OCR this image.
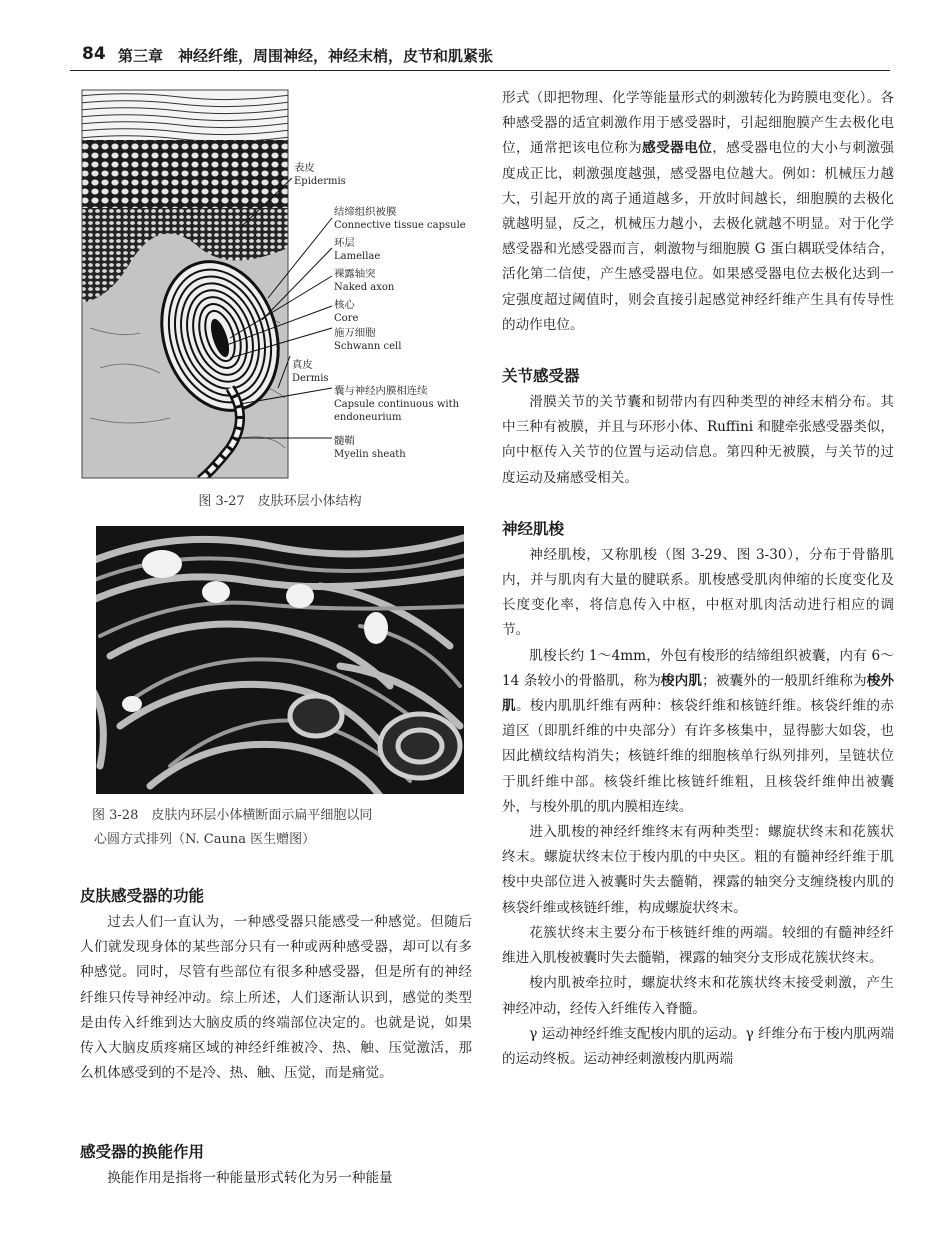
84 第三章　神经纤维，周围神经，神经末梢，皮节和肌紧张
表皮
Epidermis
结缔组织被膜
Connective tissue capsule
环层
Lamellae
裸露轴突
Naked axon
核心
Core
施万细胞
Schwann cell
真皮
Dermis
囊与神经内膜相连续
Capsule continuous with
endoneurium
髓鞘
Myelin sheath
图 3-27　皮肤环层小体结构
图 3-28　皮肤内环层小体横断面示扁平细胞以同
心圆方式排列（N. Cauna 医生赠图）
皮肤感受器的功能

过去人们一直认为，一种感受器只能感受一种感觉。但随后人们就发现身体的某些部分只有一种或两种感受器，却可以有多种感觉。同时，尽管有些部位有很多种感受器，但是所有的神经纤维只传导神经冲动。综上所述，人们逐渐认识到，感觉的类型是由传入纤维到达大脑皮质的终端部位决定的。也就是说，如果传入大脑皮质疼痛区域的神经纤维被冷、热、触、压觉激活，那么机体感受到的不是冷、热、触、压觉，而是痛觉。

感受器的换能作用

换能作用是指将一种能量形式转化为另一种能量

形式（即把物理、化学等能量形式的刺激转化为跨膜电变化）。各种感受器的适宜刺激作用于感受器时，引起细胞膜产生去极化电位，通常把该电位称为感受器电位，感受器电位的大小与刺激强度成正比，刺激强度越强，感受器电位越大。例如：机械压力越大，引起开放的离子通道越多，开放时间越长，细胞膜的去极化就越明显，反之，机械压力越小，去极化就越不明显。对于化学感受器和光感受器而言，刺激物与细胞膜 G 蛋白耦联受体结合，活化第二信使，产生感受器电位。如果感受器电位去极化达到一定强度超过阈值时，则会直接引起感觉神经纤维产生具有传导性的动作电位。

关节感受器

滑膜关节的关节囊和韧带内有四种类型的神经末梢分布。其中三种有被膜，并且与环形小体、Ruffini 和腱牵张感受器类似，向中枢传入关节的位置与运动信息。第四种无被膜，与关节的过度运动及痛感受相关。

神经肌梭

神经肌梭，又称肌梭（图 3-29、图 3-30），分布于骨骼肌内，并与肌肉有大量的腱联系。肌梭感受肌肉伸缩的长度变化及长度变化率，将信息传入中枢，中枢对肌肉活动进行相应的调节。

肌梭长约 1～4mm，外包有梭形的结缔组织被囊，内有 6～14 条较小的骨骼肌，称为梭内肌；被囊外的一般肌纤维称为梭外肌。梭内肌肌纤维有两种：核袋纤维和核链纤维。核袋纤维的赤道区（即肌纤维的中央部分）有许多核集中，显得膨大如袋，也因此横纹结构消失；核链纤维的细胞核单行纵列排列，呈链状位于肌纤维中部。核袋纤维比核链纤维粗，且核袋纤维伸出被囊外，与梭外肌的肌内膜相连续。

进入肌梭的神经纤维终末有两种类型：螺旋状终末和花簇状终末。螺旋状终末位于梭内肌的中央区。粗的有髓神经纤维于肌梭中央部位进入被囊时失去髓鞘，裸露的轴突分支缠绕梭内肌的核袋纤维或核链纤维，构成螺旋状终末。

花簇状终末主要分布于核链纤维的两端。较细的有髓神经纤维进入肌梭被囊时失去髓鞘，裸露的轴突分支形成花簇状终末。

梭内肌被牵拉时，螺旋状终末和花簇状终末接受刺激，产生神经冲动，经传入纤维传入脊髓。

γ 运动神经纤维支配梭内肌的运动。γ 纤维分布于梭内肌两端的运动终板。运动神经刺激梭内肌两端
